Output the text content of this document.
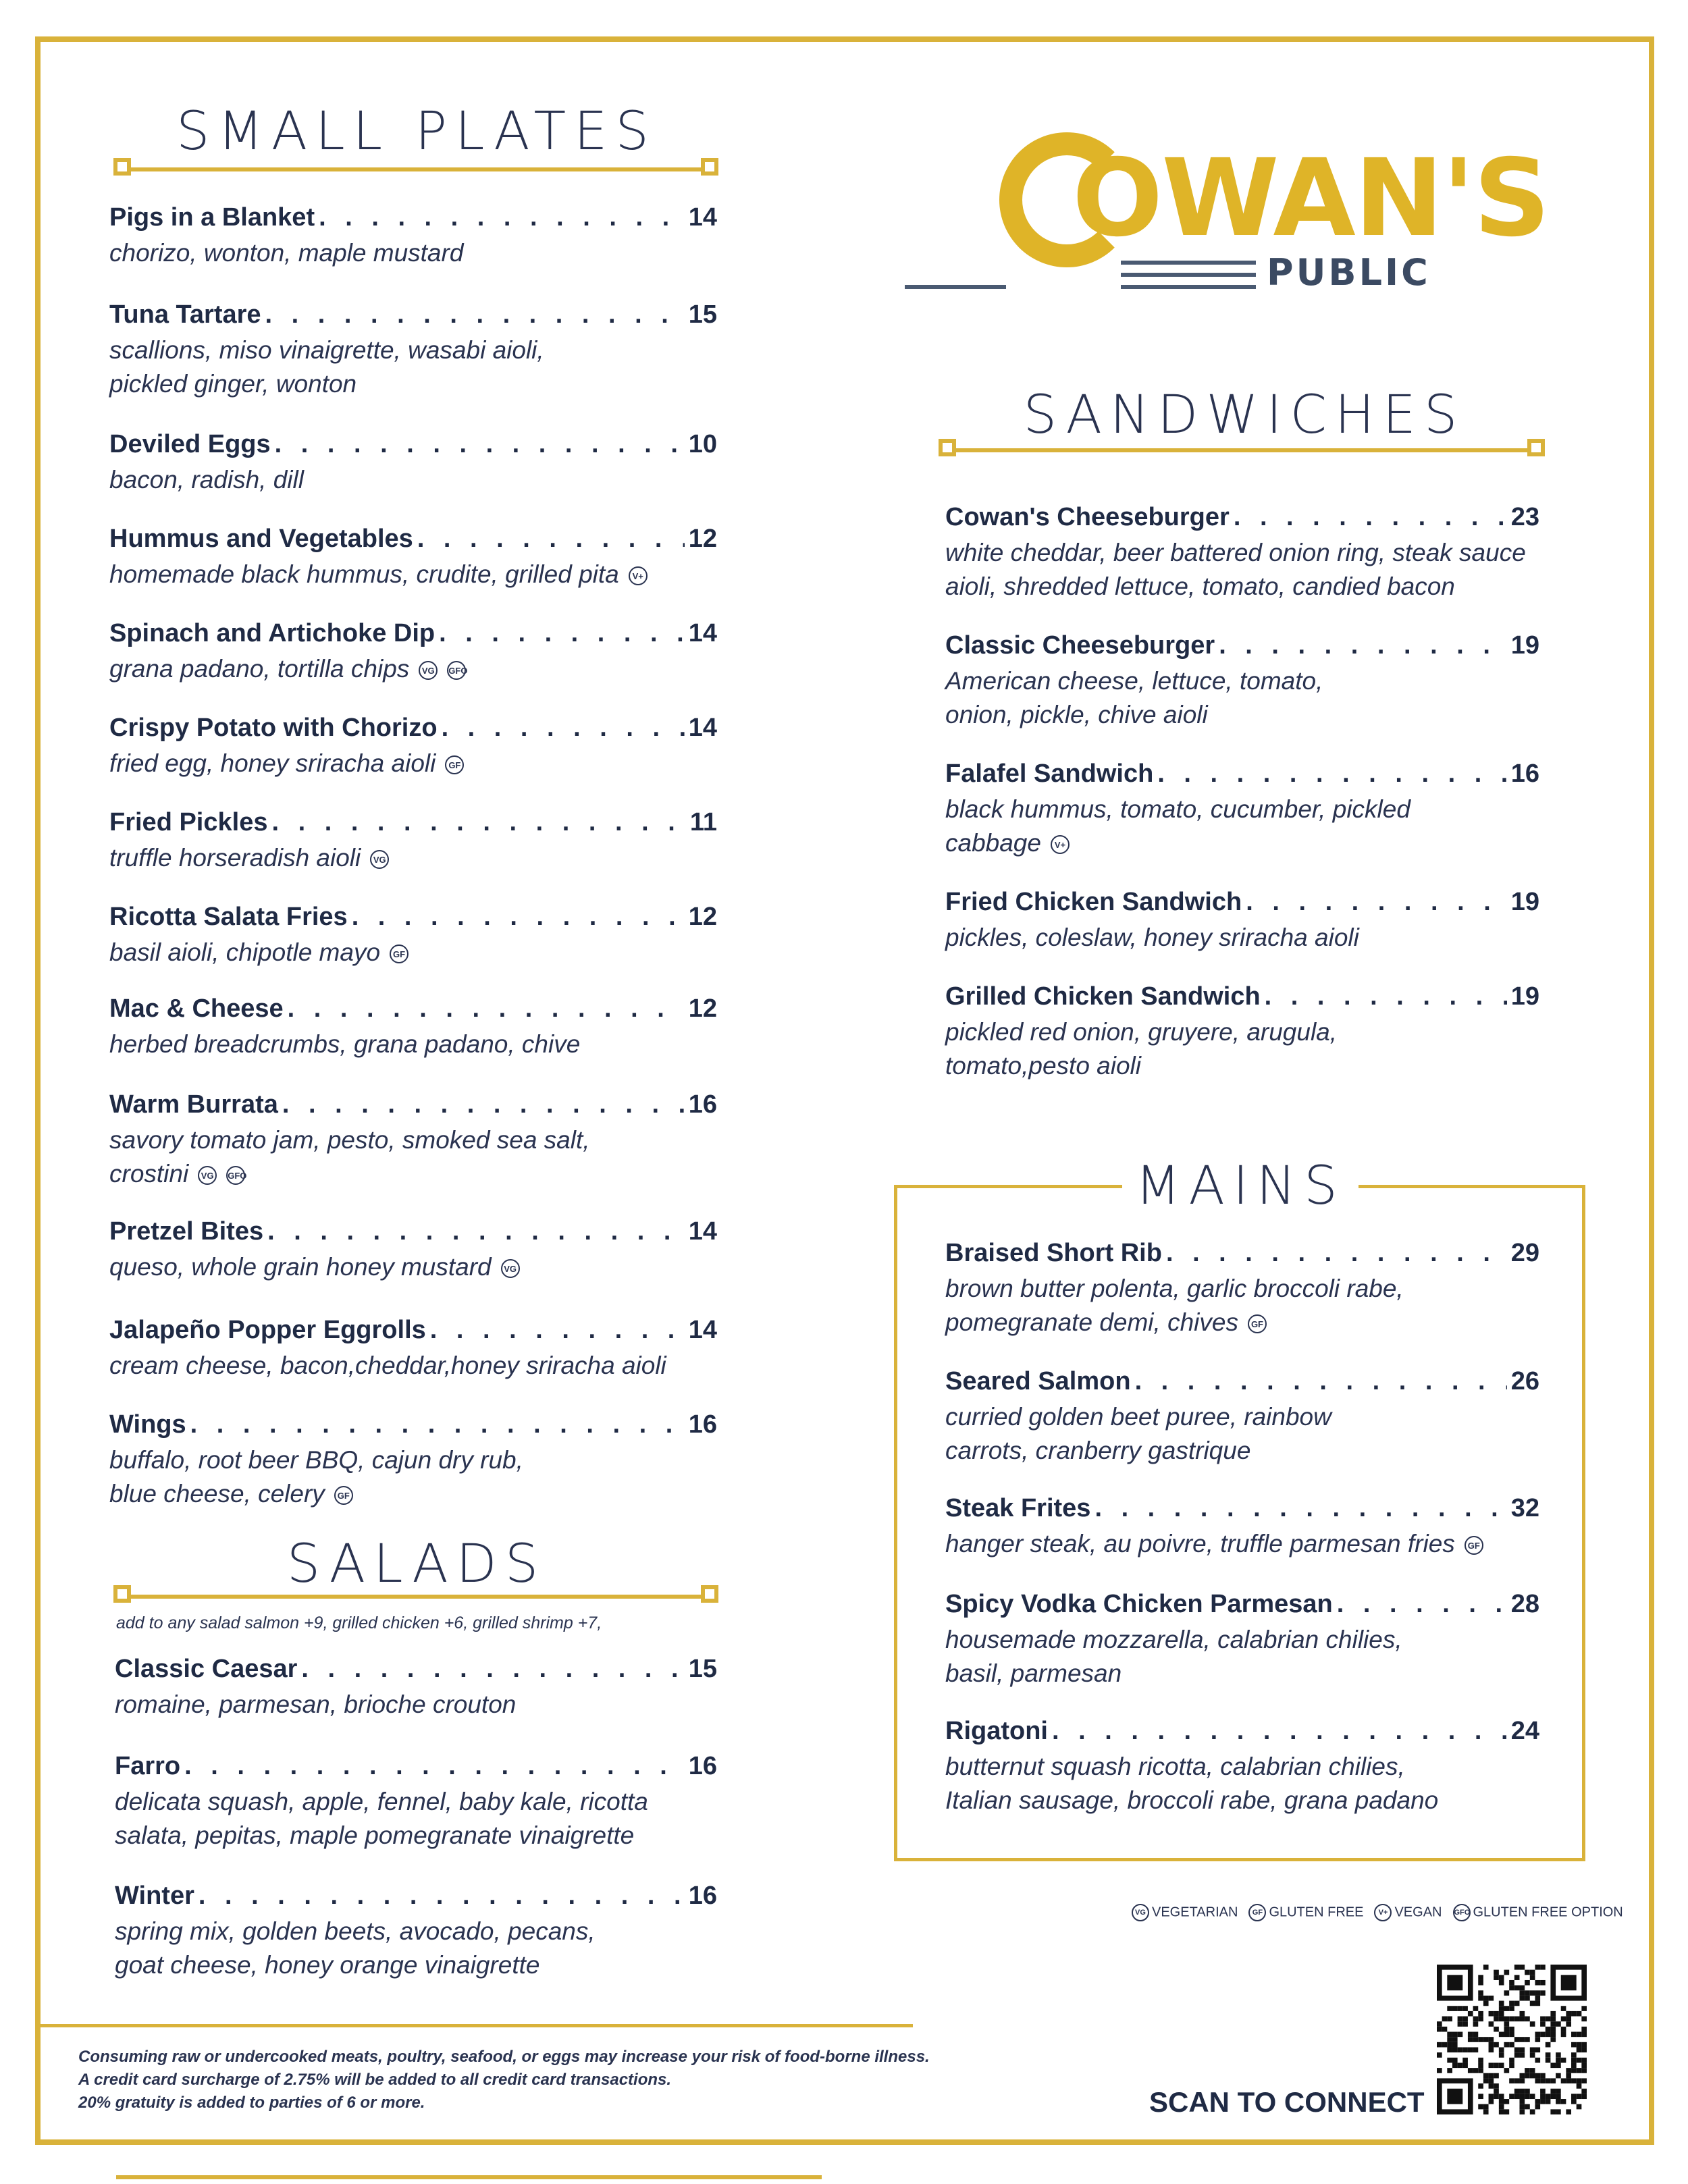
SMALL PLATES
Pigs in a Blanket . . .	14
chorizo, wonton, maple mustard
Tuna Tartare . . .	15
scallions, miso vinaigrette, wasabi aioli,
pickled ginger, wonton
Deviled Eggs . . .	10
bacon, radish, dill
Hummus and Vegetables . . .	12
homemade black hummus, crudite, grilled pita V+
Spinach and Artichoke Dip . . .	14
grana padano, tortilla chips VG GFO
Crispy Potato with Chorizo . . .	14
fried egg, honey sriracha aioli GF
Fried Pickles . . .	11
truffle horseradish aioli VG
Ricotta Salata Fries . . .	12
basil aioli, chipotle mayo GF
Mac & Cheese . . .	12
herbed breadcrumbs, grana padano, chive
Warm Burrata . . .	16
savory tomato jam, pesto, smoked sea salt,
crostini VG GFO
Pretzel Bites . . .	14
queso, whole grain honey mustard VG
Jalapeño Popper Eggrolls . . .	14
cream cheese, bacon,cheddar,honey sriracha aioli
Wings . . .	16
buffalo, root beer BBQ, cajun dry rub,
blue cheese, celery GF
SALADS
add to any salad salmon +9, grilled chicken +6, grilled shrimp +7,
Classic Caesar . . .	15
romaine, parmesan, brioche crouton
Farro . . .	16
delicata squash, apple, fennel, baby kale, ricotta
salata, pepitas, maple pomegranate vinaigrette
Winter . . .	16
spring mix, golden beets, avocado, pecans,
goat cheese, honey orange vinaigrette
OWAN'S
PUBLIC
SANDWICHES
Cowan's Cheeseburger . . .	23
white cheddar, beer battered onion ring, steak sauce
aioli, shredded lettuce, tomato, candied bacon
Classic Cheeseburger . . .	19
American cheese, lettuce, tomato,
onion, pickle, chive aioli
Falafel Sandwich . . .	16
black hummus, tomato, cucumber, pickled
cabbage V+
Fried Chicken Sandwich . . .	19
pickles, coleslaw, honey sriracha aioli
Grilled Chicken Sandwich . . .	19
pickled red onion, gruyere, arugula,
tomato,pesto aioli
MAINS
Braised Short Rib . . .	29
brown butter polenta, garlic broccoli rabe,
pomegranate demi, chives GF
Seared Salmon . . .	26
curried golden beet puree, rainbow
carrots, cranberry gastrique
Steak Frites . . .	32
hanger steak, au poivre, truffle parmesan fries GF
Spicy Vodka Chicken Parmesan . . .	28
housemade mozzarella, calabrian chilies,
basil, parmesan
Rigatoni . . .	24
butternut squash ricotta, calabrian chilies,
Italian sausage, broccoli rabe, grana padano
VG VEGETARIAN	GF GLUTEN FREE	V+ VEGAN GFO GLUTEN FREE OPTION
Consuming raw or undercooked meats, poultry, seafood, or eggs may increase your risk of food-borne illness.
A credit card surcharge of 2.75% will be added to all credit card transactions.
20% gratuity is added to parties of 6 or more.	SCAN TO CONNECT
